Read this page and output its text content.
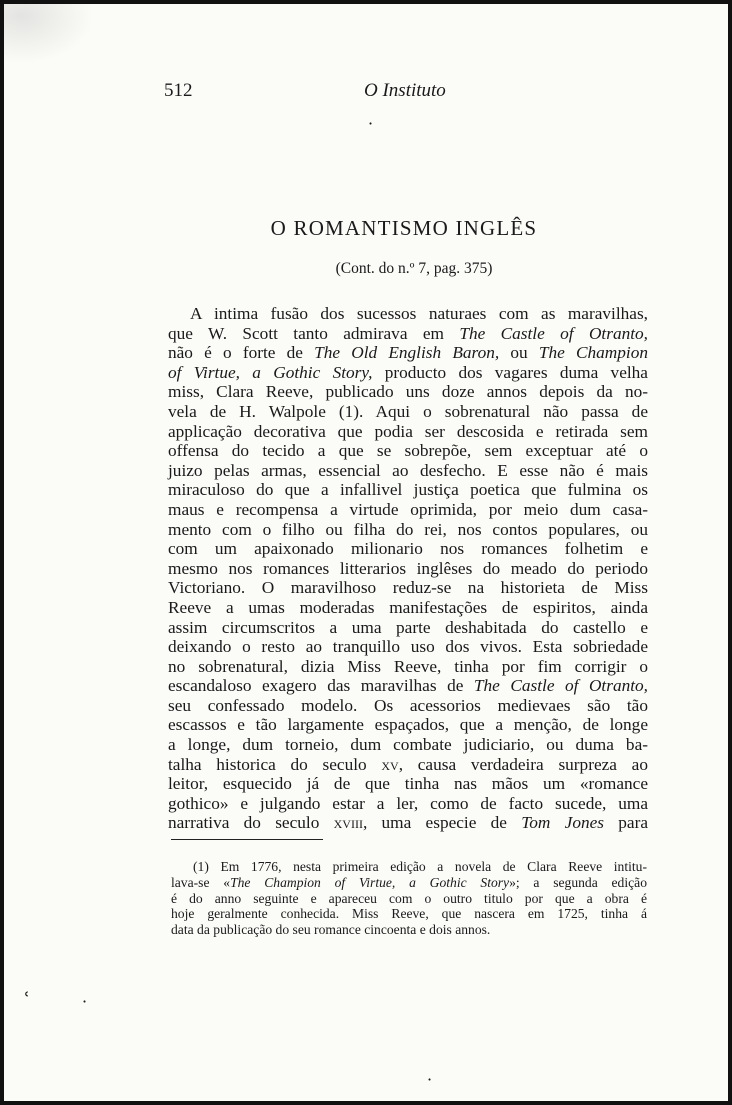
512	O Instituto
·
O ROMANTISMO INGLÊS
(Cont. do n.º 7, pag. 375)
A intima fusão dos sucessos naturaes com as maravilhas,
que W. Scott tanto admirava em The Castle of Otranto,
não é o forte de The Old English Baron, ou The Champion
of Virtue, a Gothic Story, producto dos vagares duma velha
miss, Clara Reeve, publicado uns doze annos depois da no-
vela de H. Walpole (1). Aqui o sobrenatural não passa de
applicação decorativa que podia ser descosida e retirada sem
offensa do tecido a que se sobrepõe, sem exceptuar até o
juizo pelas armas, essencial ao desfecho. E esse não é mais
miraculoso do que a infallivel justiça poetica que fulmina os
maus e recompensa a virtude oprimida, por meio dum casa-
mento com o filho ou filha do rei, nos contos populares, ou
com um apaixonado milionario nos romances folhetim e
mesmo nos romances litterarios inglêses do meado do periodo
Victoriano. O maravilhoso reduz-se na historieta de Miss
Reeve a umas moderadas manifestações de espiritos, ainda
assim circumscritos a uma parte deshabitada do castello e
deixando o resto ao tranquillo uso dos vivos. Esta sobriedade
no sobrenatural, dizia Miss Reeve, tinha por fim corrigir o
escandaloso exagero das maravilhas de The Castle of Otranto,
seu confessado modelo. Os acessorios medievaes são tão
escassos e tão largamente espaçados, que a menção, de longe
a longe, dum torneio, dum combate judiciario, ou duma ba-
talha historica do seculo xv, causa verdadeira surpreza ao
leitor, esquecido já de que tinha nas mãos um «romance
gothico» e julgando estar a ler, como de facto sucede, uma
narrativa do seculo xviii, uma especie de Tom Jones para
(1) Em 1776, nesta primeira edição a novela de Clara Reeve intitu-
lava-se «The Champion of Virtue, a Gothic Story»; a segunda edição
é do anno seguinte e apareceu com o outro titulo por que a obra é
hoje geralmente conhecida. Miss Reeve, que nascera em 1725, tinha á
data da publicação do seu romance cincoenta e dois annos.
ʿ	·
·
